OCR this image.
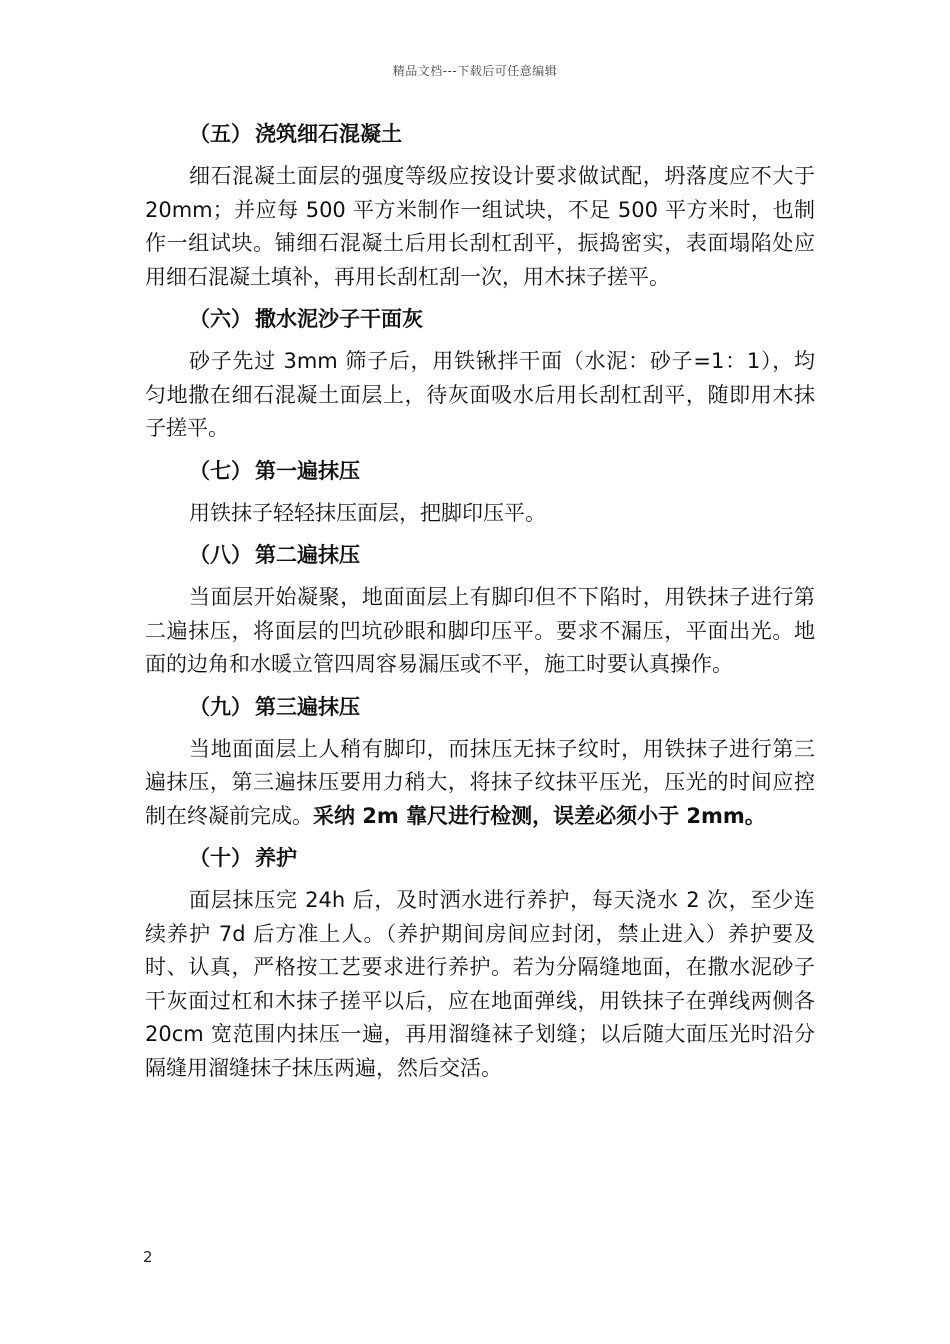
精品文档---下载后可任意编辑
（五） 浇筑细石混凝土

细石混凝土面层的强度等级应按设计要求做试配，坍落度应不大于 20mm；并应每 500 平方米制作一组试块，不足 500 平方米时，也制作一组试块。铺细石混凝土后用长刮杠刮平，振捣密实，表面塌陷处应用细石混凝土填补，再用长刮杠刮一次，用木抹子搓平。

（六） 撒水泥沙子干面灰

砂子先过 3mm 筛子后，用铁锹拌干面（水泥：砂子=1：1），均匀地撒在细石混凝土面层上，待灰面吸水后用长刮杠刮平，随即用木抹子搓平。

（七） 第一遍抹压

用铁抹子轻轻抹压面层，把脚印压平。

（八） 第二遍抹压

当面层开始凝聚，地面面层上有脚印但不下陷时，用铁抹子进行第二遍抹压，将面层的凹坑砂眼和脚印压平。要求不漏压，平面出光。地面的边角和水暖立管四周容易漏压或不平，施工时要认真操作。

（九） 第三遍抹压

当地面面层上人稍有脚印，而抹压无抹子纹时，用铁抹子进行第三遍抹压，第三遍抹压要用力稍大，将抹子纹抹平压光，压光的时间应控制在终凝前完成。采纳 2m 靠尺进行检测，误差必须小于 2mm。

（十） 养护

面层抹压完 24h 后，及时洒水进行养护，每天浇水 2 次，至少连续养护 7d 后方准上人。（养护期间房间应封闭，禁止进入）养护要及时、认真，严格按工艺要求进行养护。若为分隔缝地面，在撒水泥砂子干灰面过杠和木抹子搓平以后，应在地面弹线，用铁抹子在弹线两侧各 20cm 宽范围内抹压一遍，再用溜缝袜子划缝；以后随大面压光时沿分隔缝用溜缝抹子抹压两遍，然后交活。

2
